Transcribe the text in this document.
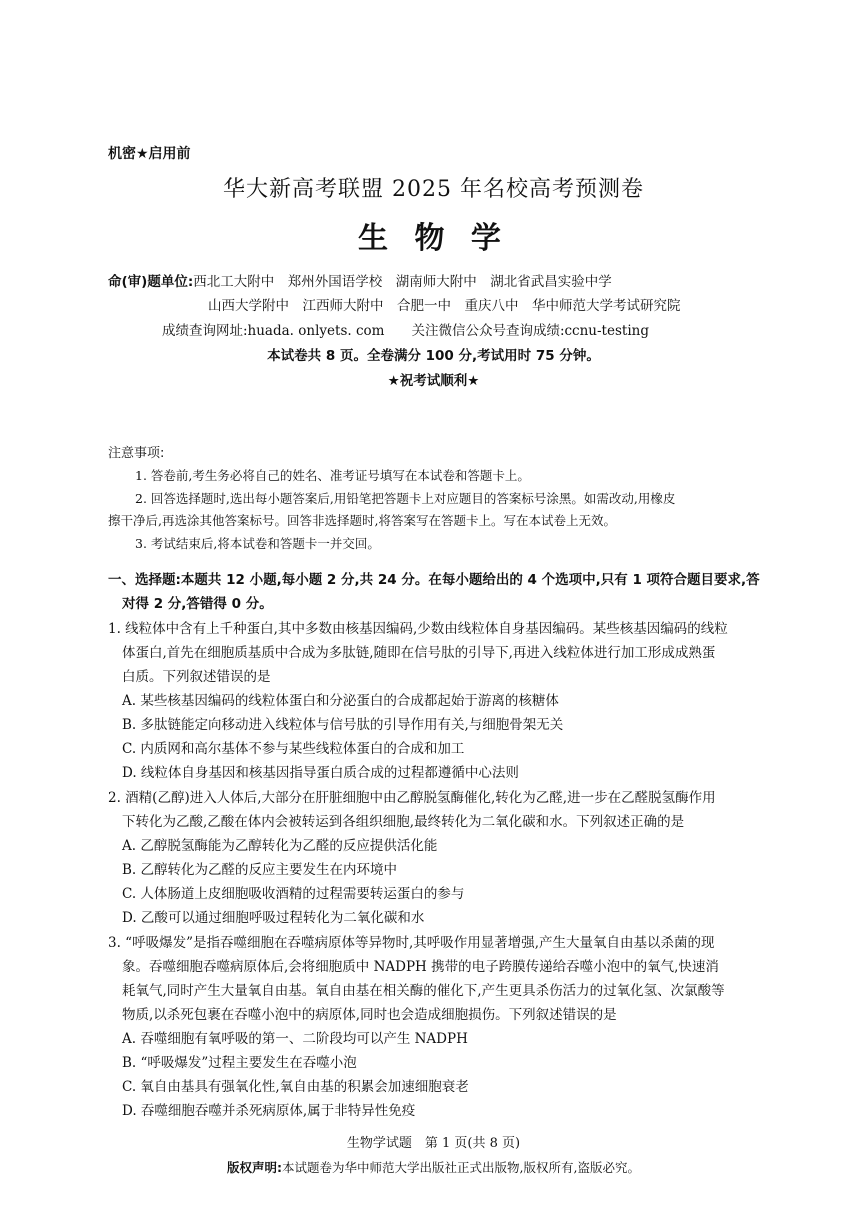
机密★启用前
华大新高考联盟 2025 年名校高考预测卷
生 物 学
命(审)题单位:西北工大附中　郑州外国语学校　湖南师大附中　湖北省武昌实验中学
山西大学附中　江西师大附中　合肥一中　重庆八中　华中师范大学考试研究院
成绩查询网址:huada. onlyets. com　　关注微信公众号查询成绩:ccnu-testing
本试卷共 8 页。全卷满分 100 分,考试用时 75 分钟。
★祝考试顺利★
注意事项:
1. 答卷前,考生务必将自己的姓名、准考证号填写在本试卷和答题卡上。
2. 回答选择题时,选出每小题答案后,用铅笔把答题卡上对应题目的答案标号涂黑。如需改动,用橡皮
擦干净后,再选涂其他答案标号。回答非选择题时,将答案写在答题卡上。写在本试卷上无效。
3. 考试结束后,将本试卷和答题卡一并交回。
一、选择题:本题共 12 小题,每小题 2 分,共 24 分。在每小题给出的 4 个选项中,只有 1 项符合题目要求,答
对得 2 分,答错得 0 分。
1. 线粒体中含有上千种蛋白,其中多数由核基因编码,少数由线粒体自身基因编码。某些核基因编码的线粒
体蛋白,首先在细胞质基质中合成为多肽链,随即在信号肽的引导下,再进入线粒体进行加工形成成熟蛋
白质。下列叙述错误的是
A. 某些核基因编码的线粒体蛋白和分泌蛋白的合成都起始于游离的核糖体
B. 多肽链能定向移动进入线粒体与信号肽的引导作用有关,与细胞骨架无关
C. 内质网和高尔基体不参与某些线粒体蛋白的合成和加工
D. 线粒体自身基因和核基因指导蛋白质合成的过程都遵循中心法则
2. 酒精(乙醇)进入人体后,大部分在肝脏细胞中由乙醇脱氢酶催化,转化为乙醛,进一步在乙醛脱氢酶作用
下转化为乙酸,乙酸在体内会被转运到各组织细胞,最终转化为二氧化碳和水。下列叙述正确的是
A. 乙醇脱氢酶能为乙醇转化为乙醛的反应提供活化能
B. 乙醇转化为乙醛的反应主要发生在内环境中
C. 人体肠道上皮细胞吸收酒精的过程需要转运蛋白的参与
D. 乙酸可以通过细胞呼吸过程转化为二氧化碳和水
3. “呼吸爆发”是指吞噬细胞在吞噬病原体等异物时,其呼吸作用显著增强,产生大量氧自由基以杀菌的现
象。吞噬细胞吞噬病原体后,会将细胞质中 NADPH 携带的电子跨膜传递给吞噬小泡中的氧气,快速消
耗氧气,同时产生大量氧自由基。氧自由基在相关酶的催化下,产生更具杀伤活力的过氧化氢、次氯酸等
物质,以杀死包裹在吞噬小泡中的病原体,同时也会造成细胞损伤。下列叙述错误的是
A. 吞噬细胞有氧呼吸的第一、二阶段均可以产生 NADPH
B. “呼吸爆发”过程主要发生在吞噬小泡
C. 氧自由基具有强氧化性,氧自由基的积累会加速细胞衰老
D. 吞噬细胞吞噬并杀死病原体,属于非特异性免疫
生物学试题　第 1 页(共 8 页)
版权声明:本试题卷为华中师范大学出版社正式出版物,版权所有,盗版必究。
